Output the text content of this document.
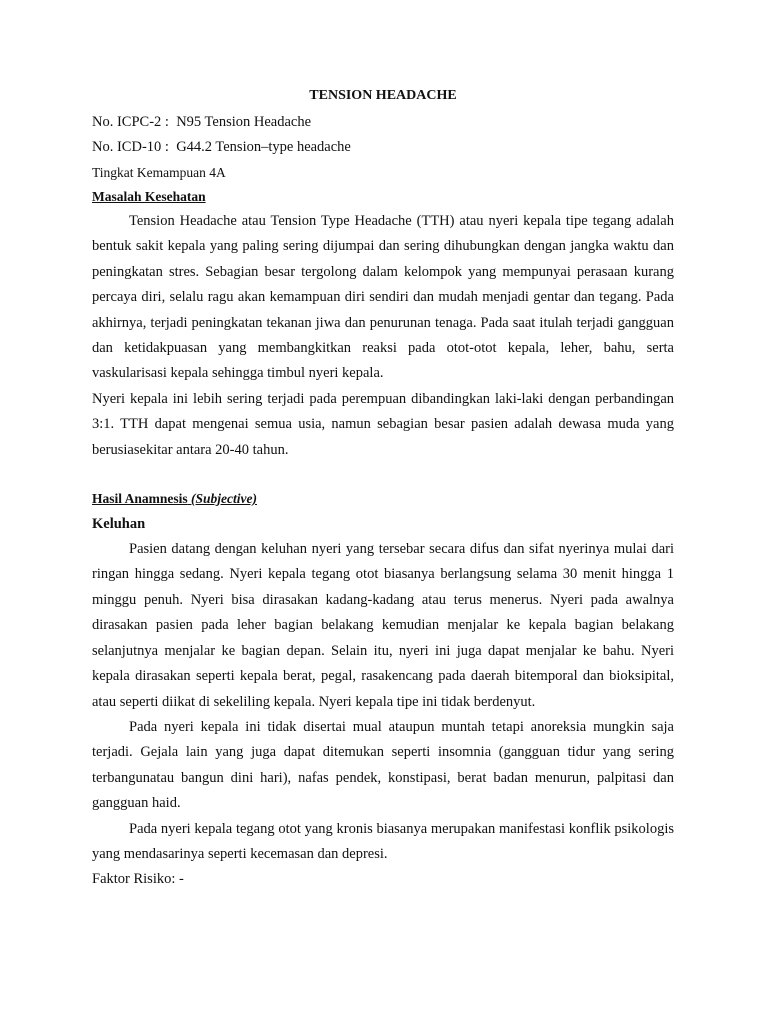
TENSION HEADACHE
No. ICPC-2 : N95 Tension Headache
No. ICD-10 : G44.2 Tension–type headache
Tingkat Kemampuan 4A
Masalah Kesehatan

Tension Headache atau Tension Type Headache (TTH) atau nyeri kepala tipe tegang adalah bentuk sakit kepala yang paling sering dijumpai dan sering dihubungkan dengan jangka waktu dan peningkatan stres. Sebagian besar tergolong dalam kelompok yang mempunyai perasaan kurang percaya diri, selalu ragu akan kemampuan diri sendiri dan mudah menjadi gentar dan tegang. Pada akhirnya, terjadi peningkatan tekanan jiwa dan penurunan tenaga. Pada saat itulah terjadi gangguan dan ketidakpuasan yang membangkitkan reaksi pada otot-otot kepala, leher, bahu, serta vaskularisasi kepala sehingga timbul nyeri kepala.

Nyeri kepala ini lebih sering terjadi pada perempuan dibandingkan laki-laki dengan perbandingan 3:1. TTH dapat mengenai semua usia, namun sebagian besar pasien adalah dewasa muda yang berusiasekitar antara 20-40 tahun.

Hasil Anamnesis (Subjective)
Keluhan

Pasien datang dengan keluhan nyeri yang tersebar secara difus dan sifat nyerinya mulai dari ringan hingga sedang. Nyeri kepala tegang otot biasanya berlangsung selama 30 menit hingga 1 minggu penuh. Nyeri bisa dirasakan kadang-kadang atau terus menerus. Nyeri pada awalnya dirasakan pasien pada leher bagian belakang kemudian menjalar ke kepala bagian belakang selanjutnya menjalar ke bagian depan. Selain itu, nyeri ini juga dapat menjalar ke bahu. Nyeri kepala dirasakan seperti kepala berat, pegal, rasakencang pada daerah bitemporal dan bioksipital, atau seperti diikat di sekeliling kepala. Nyeri kepala tipe ini tidak berdenyut.

Pada nyeri kepala ini tidak disertai mual ataupun muntah tetapi anoreksia mungkin saja terjadi. Gejala lain yang juga dapat ditemukan seperti insomnia (gangguan tidur yang sering terbangunatau bangun dini hari), nafas pendek, konstipasi, berat badan menurun, palpitasi dan gangguan haid.

Pada nyeri kepala tegang otot yang kronis biasanya merupakan manifestasi konflik psikologis yang mendasarinya seperti kecemasan dan depresi.

Faktor Risiko: -
